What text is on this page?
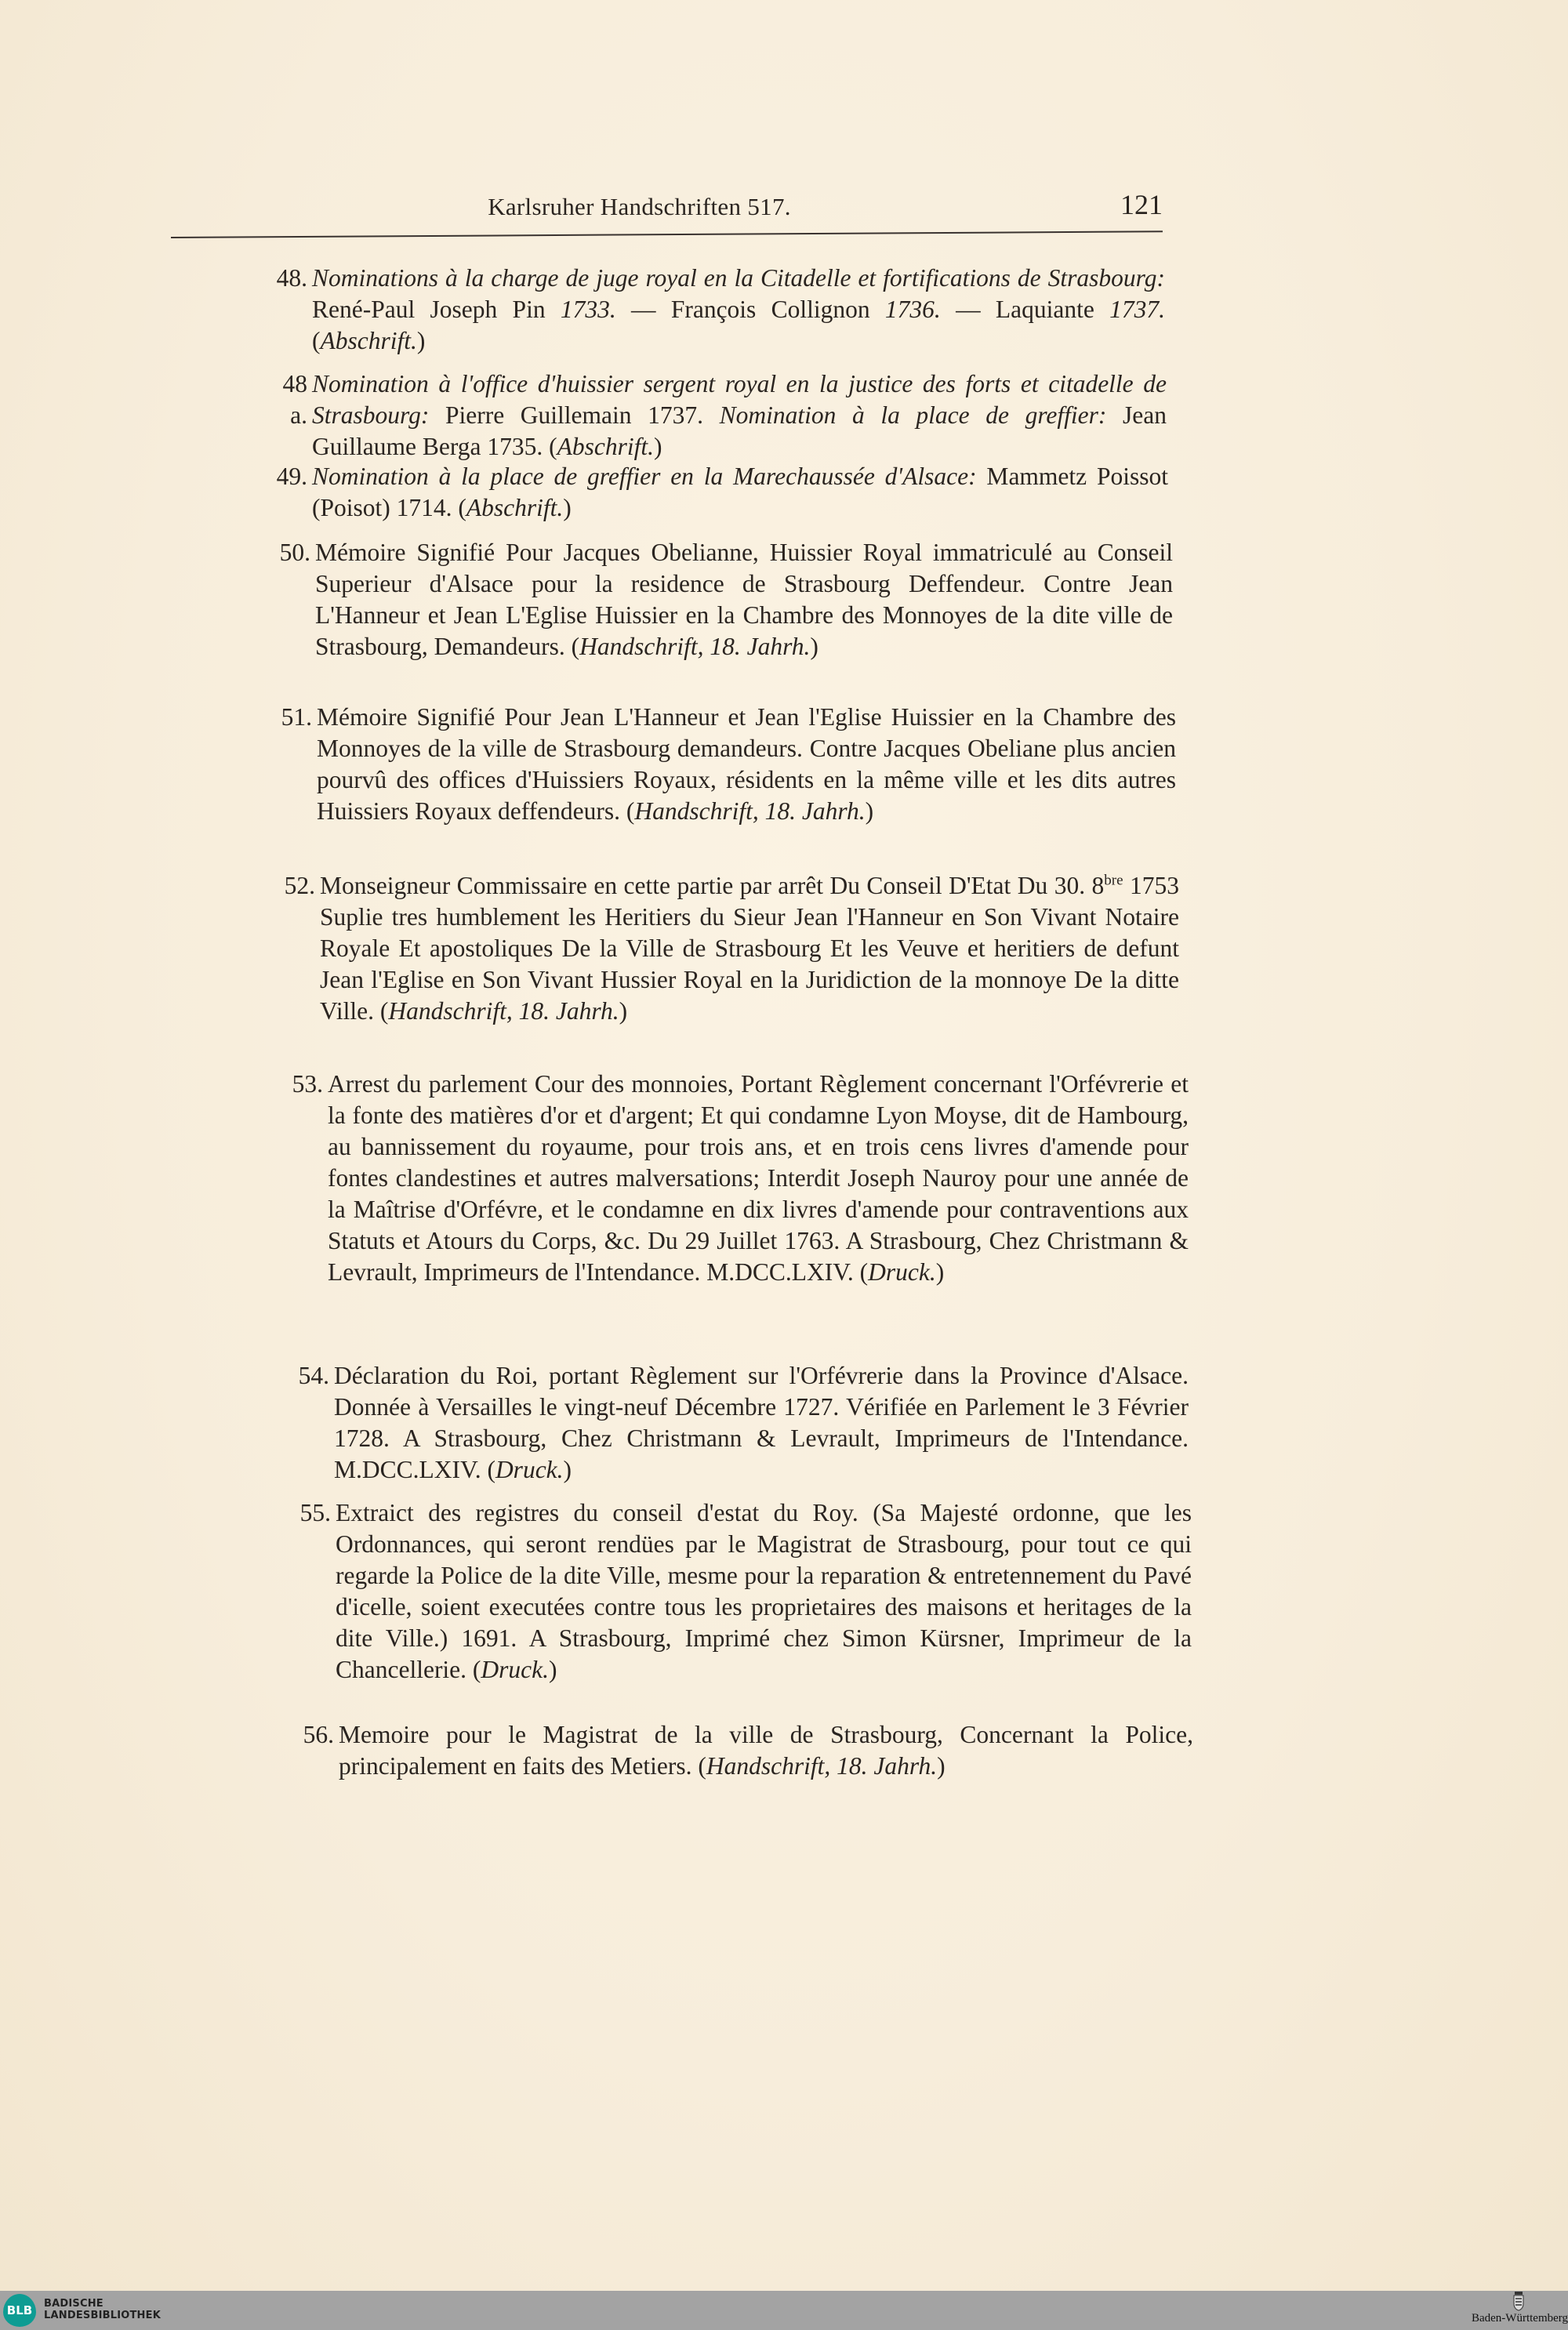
Karlsruher Handschriften 517.	121
48. Nominations à la charge de juge royal en la Citadelle et fortifications de Strasbourg: René-Paul Joseph Pin 1733. — François Collignon 1736. — Laquiante 1737. (Abschrift.)
48 a.
Nomination à l'office d'huissier sergent royal en la justice des forts et citadelle de Strasbourg: Pierre Guillemain 1737. Nomination à la place de greffier: Jean Guillaume Berga 1735. (Abschrift.)
49. Nomination à la place de greffier en la Marechaussée d'Alsace: Mammetz Poissot (Poisot) 1714. (Abschrift.)
50. Mémoire Signifié Pour Jacques Obelianne, Huissier Royal immatriculé au Conseil Superieur d'Alsace pour la residence de Strasbourg Deffendeur. Contre Jean L'Hanneur et Jean L'Eglise Huissier en la Chambre des Monnoyes de la dite ville de Strasbourg, Demandeurs. (Handschrift, 18. Jahrh.)
51. Mémoire Signifié Pour Jean L'Hanneur et Jean l'Eglise Huissier en la Chambre des Monnoyes de la ville de Strasbourg demandeurs. Contre Jacques Obeliane plus ancien pourvû des offices d'Huissiers Royaux, résidents en la même ville et les dits autres Huissiers Royaux deffendeurs. (Handschrift, 18. Jahrh.)
52. Monseigneur Commissaire en cette partie par arrêt Du Conseil D'Etat Du 30. $8^{bre}$ 1753 Suplie tres humblement les Heritiers du Sieur Jean l'Hanneur en Son Vivant Notaire Royale Et apostoliques De la Ville de Strasbourg Et les Veuve et heritiers de defunt Jean l'Eglise en Son Vivant Hussier Royal en la Juridiction de la monnoye De la ditte Ville. (Handschrift, 18. Jahrh.)
53. Arrest du parlement Cour des monnoies, Portant Règlement concernant l'Orfévrerie et la fonte des matières d'or et d'argent; Et qui condamne Lyon Moyse, dit de Hambourg, au bannissement du royaume, pour trois ans, et en trois cens livres d'amende pour fontes clandestines et autres malversations; Interdit Joseph Nauroy pour une année de la Maîtrise d'Orfévre, et le condamne en dix livres d'amende pour contraventions aux Statuts et Atours du Corps, &c. Du 29 Juillet 1763. A Strasbourg, Chez Christmann & Levrault, Imprimeurs de l'Intendance. M.DCC.LXIV. (Druck.)
54. Déclaration du Roi, portant Règlement sur l'Orfévrerie dans la Province d'Alsace. Donnée à Versailles le vingt-neuf Décembre 1727. Vérifiée en Parlement le 3 Février 1728. A Strasbourg, Chez Christmann & Levrault, Imprimeurs de l'Intendance. M.DCC.LXIV. (Druck.)
55. Extraict des registres du conseil d'estat du Roy. (Sa Majesté ordonne, que les Ordonnances, qui seront rendües par le Magistrat de Strasbourg, pour tout ce qui regarde la Police de la dite Ville, mesme pour la reparation & entretennement du Pavé d'icelle, soient executées contre tous les proprietaires des maisons et heritages de la dite Ville.) 1691. A Strasbourg, Imprimé chez Simon Kürsner, Imprimeur de la Chancellerie. (Druck.)
56. Memoire pour le Magistrat de la ville de Strasbourg, Concernant la Police, principalement en faits des Metiers. (Handschrift, 18. Jahrh.)
BLB	BADISCHE
LANDESBIBLIOTHEK	Baden-Württemberg
